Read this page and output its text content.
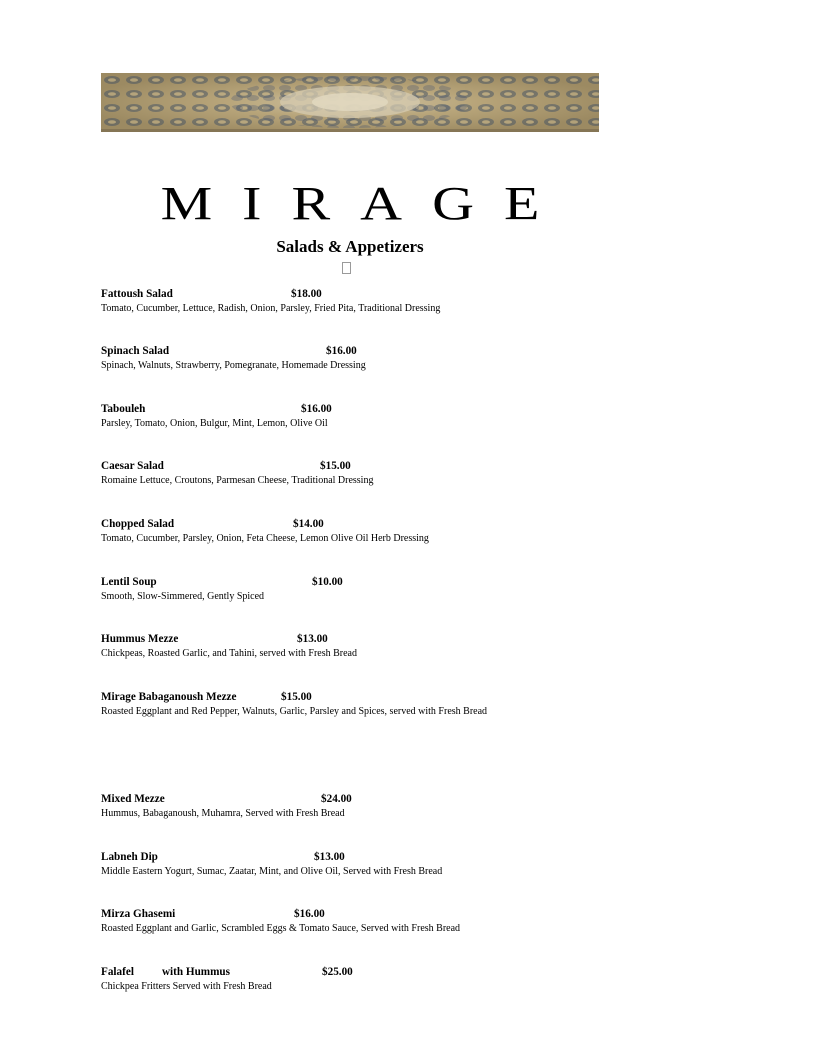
MIRAGE
Salads & Appetizers
Fattoush Salad	$18.00
Tomato, Cucumber, Lettuce, Radish, Onion, Parsley, Fried Pita, Traditional Dressing
Spinach Salad	$16.00
Spinach, Walnuts, Strawberry, Pomegranate, Homemade Dressing
Tabouleh	$16.00
Parsley, Tomato, Onion, Bulgur, Mint, Lemon, Olive Oil
Caesar Salad	$15.00
Romaine Lettuce, Croutons, Parmesan Cheese, Traditional Dressing
Chopped Salad	$14.00
Tomato, Cucumber, Parsley, Onion, Feta Cheese, Lemon Olive Oil Herb Dressing
Lentil Soup	$10.00
Smooth, Slow-Simmered, Gently Spiced
Hummus Mezze	$13.00
Chickpeas, Roasted Garlic, and Tahini, served with Fresh Bread
Mirage Babaganoush Mezze	$15.00
Roasted Eggplant and Red Pepper, Walnuts, Garlic, Parsley and Spices, served with Fresh Bread
Mixed Mezze	$24.00
Hummus, Babaganoush, Muhamra, Served with Fresh Bread
Labneh Dip	$13.00
Middle Eastern Yogurt, Sumac, Zaatar, Mint, and Olive Oil, Served with Fresh Bread
Mirza Ghasemi	$16.00
Roasted Eggplant and Garlic, Scrambled Eggs & Tomato Sauce, Served with Fresh Bread
Falafel	with Hummus	$25.00
Chickpea Fritters Served with Fresh Bread
